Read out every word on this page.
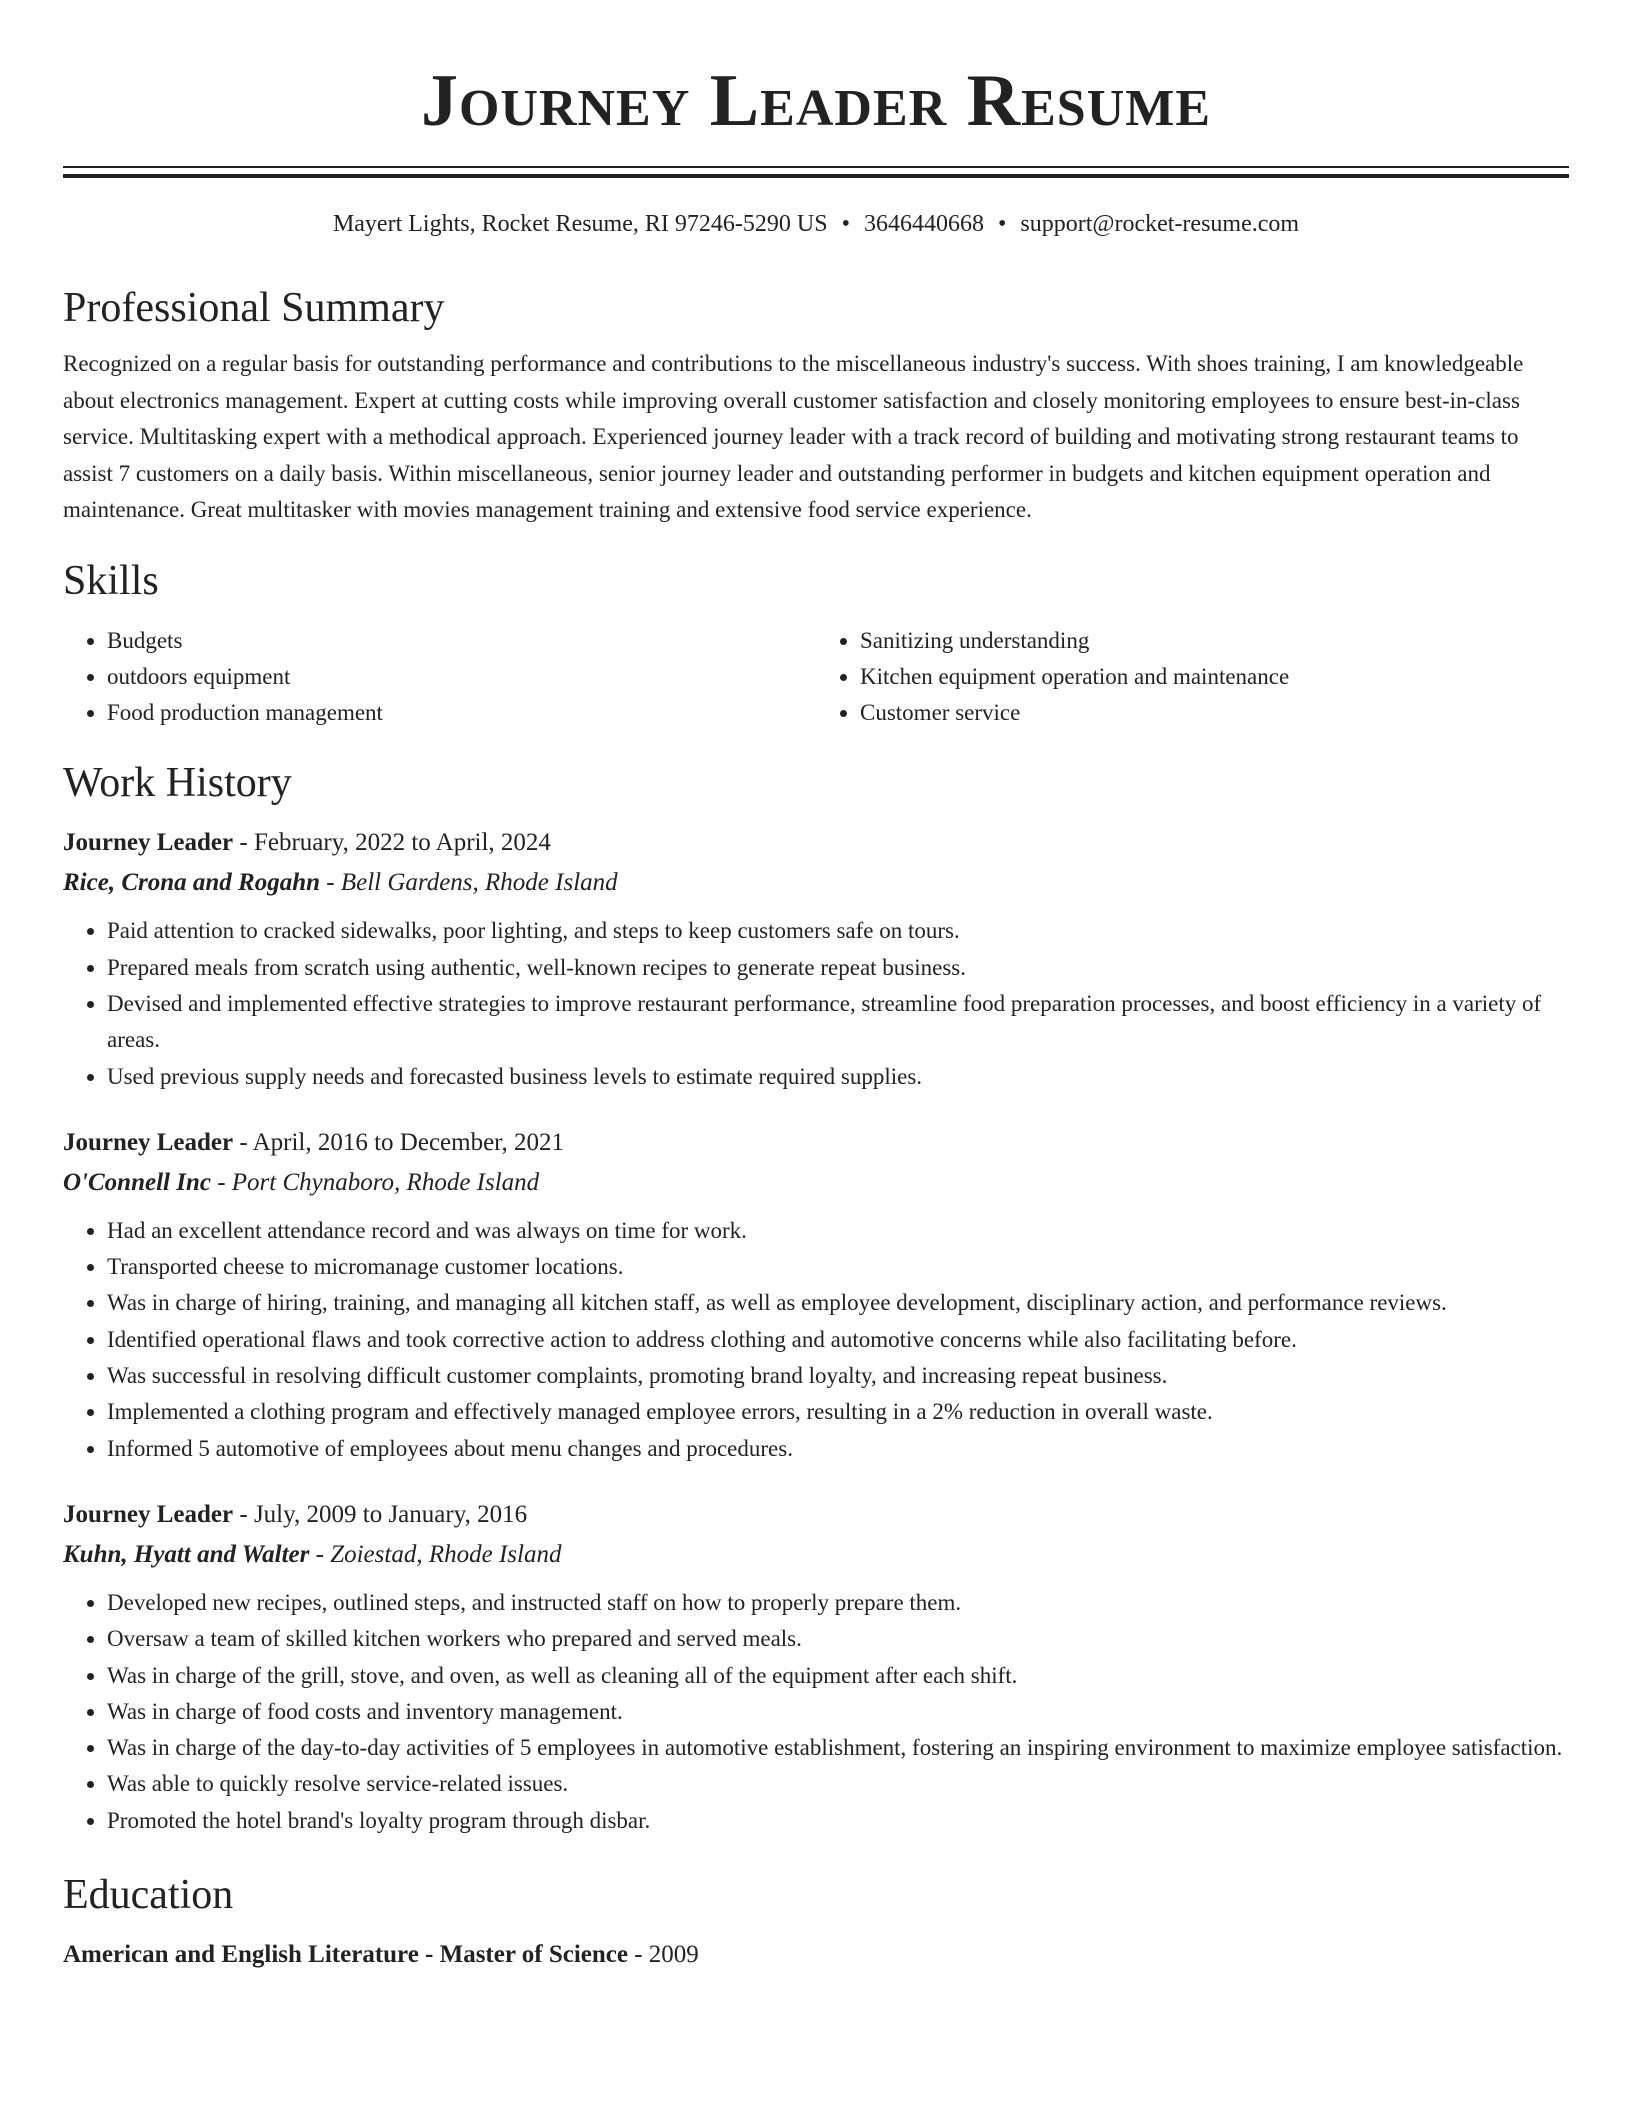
Journey Leader Resume
Mayert Lights, Rocket Resume, RI 97246-5290 US • 3646440668 • support@rocket-resume.com
Professional Summary

Recognized on a regular basis for outstanding performance and contributions to the miscellaneous industry's success. With shoes training, I am knowledgeable about electronics management. Expert at cutting costs while improving overall customer satisfaction and closely monitoring employees to ensure best-in-class service. Multitasking expert with a methodical approach. Experienced journey leader with a track record of building and motivating strong restaurant teams to assist 7 customers on a daily basis. Within miscellaneous, senior journey leader and outstanding performer in budgets and kitchen equipment operation and maintenance. Great multitasker with movies management training and extensive food service experience.

Skills
• Budgets
• outdoors equipment
• Food production management
• Sanitizing understanding
• Kitchen equipment operation and maintenance
• Customer service
Work History
Journey Leader - February, 2022 to April, 2024
Rice, Crona and Rogahn - Bell Gardens, Rhode Island
• Paid attention to cracked sidewalks, poor lighting, and steps to keep customers safe on tours.
• Prepared meals from scratch using authentic, well-known recipes to generate repeat business.
• Devised and implemented effective strategies to improve restaurant performance, streamline food preparation processes, and boost efficiency in a variety of areas.
• Used previous supply needs and forecasted business levels to estimate required supplies.
Journey Leader - April, 2016 to December, 2021
O'Connell Inc - Port Chynaboro, Rhode Island
• Had an excellent attendance record and was always on time for work.
• Transported cheese to micromanage customer locations.
• Was in charge of hiring, training, and managing all kitchen staff, as well as employee development, disciplinary action, and performance reviews.
• Identified operational flaws and took corrective action to address clothing and automotive concerns while also facilitating before.
• Was successful in resolving difficult customer complaints, promoting brand loyalty, and increasing repeat business.
• Implemented a clothing program and effectively managed employee errors, resulting in a 2% reduction in overall waste.
• Informed 5 automotive of employees about menu changes and procedures.
Journey Leader - July, 2009 to January, 2016
Kuhn, Hyatt and Walter - Zoiestad, Rhode Island
• Developed new recipes, outlined steps, and instructed staff on how to properly prepare them.
• Oversaw a team of skilled kitchen workers who prepared and served meals.
• Was in charge of the grill, stove, and oven, as well as cleaning all of the equipment after each shift.
• Was in charge of food costs and inventory management.
• Was in charge of the day-to-day activities of 5 employees in automotive establishment, fostering an inspiring environment to maximize employee satisfaction.
• Was able to quickly resolve service-related issues.
• Promoted the hotel brand's loyalty program through disbar.
Education
American and English Literature - Master of Science - 2009
